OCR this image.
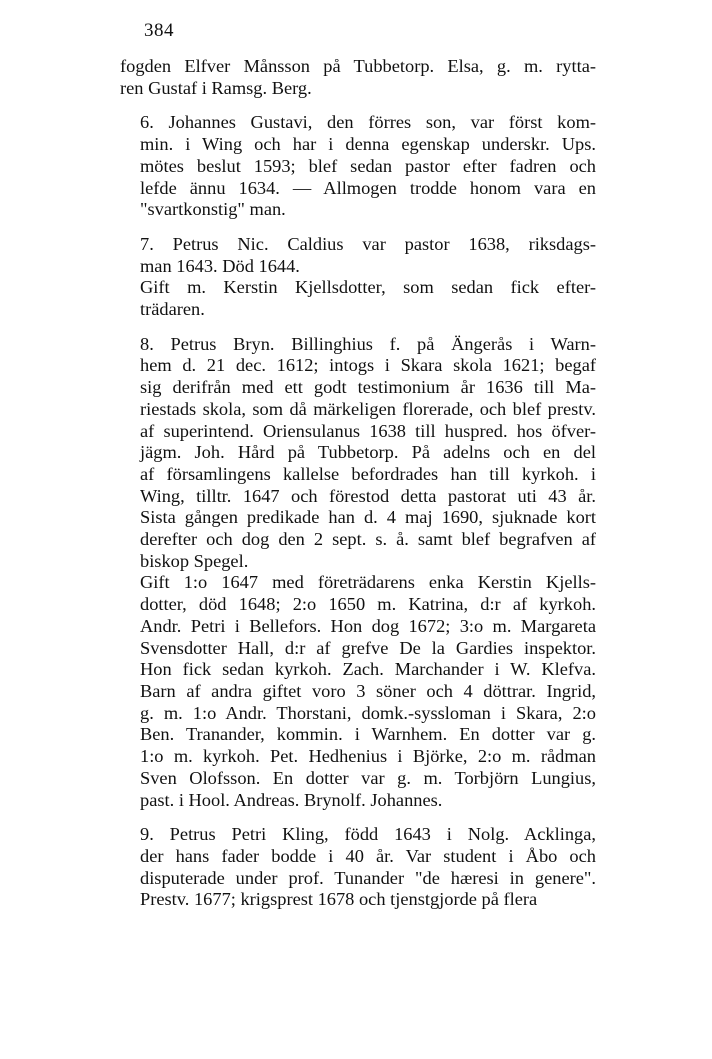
384

fogden Elfver Månsson på Tubbetorp. Elsa, g. m. rytta-
ren Gustaf i Ramsg. Berg.

6. Johannes Gustavi, den förres son, var först kom-
min. i Wing och har i denna egenskap underskr. Ups.
mötes beslut 1593; blef sedan pastor efter fadren och
lefde ännu 1634. — Allmogen trodde honom vara en
"svartkonstig" man.

7. Petrus Nic. Caldius var pastor 1638, riksdags-
man 1643. Död 1644.

Gift m. Kerstin Kjellsdotter, som sedan fick efter-
trädaren.

8. Petrus Bryn. Billinghius f. på Ängerås i Warn-
hem d. 21 dec. 1612; intogs i Skara skola 1621; begaf
sig derifrån med ett godt testimonium år 1636 till Ma-
riestads skola, som då märkeligen florerade, och blef prestv.
af superintend. Oriensulanus 1638 till huspred. hos öfver-
jägm. Joh. Hård på Tubbetorp. På adelns och en del
af församlingens kallelse befordrades han till kyrkoh. i
Wing, tilltr. 1647 och förestod detta pastorat uti 43 år.
Sista gången predikade han d. 4 maj 1690, sjuknade kort
derefter och dog den 2 sept. s. å. samt blef begrafven af
biskop Spegel.

Gift 1:o 1647 med företrädarens enka Kerstin Kjells-
dotter, död 1648; 2:o 1650 m. Katrina, d:r af kyrkoh.
Andr. Petri i Bellefors. Hon dog 1672; 3:o m. Margareta
Svensdotter Hall, d:r af grefve De la Gardies inspektor.
Hon fick sedan kyrkoh. Zach. Marchander i W. Klefva.
Barn af andra giftet voro 3 söner och 4 döttrar. Ingrid,
g. m. 1:o Andr. Thorstani, domk.-syssloman i Skara, 2:o
Ben. Tranander, kommin. i Warnhem. En dotter var g.
1:o m. kyrkoh. Pet. Hedhenius i Björke, 2:o m. rådman
Sven Olofsson. En dotter var g. m. Torbjörn Lungius,
past. i Hool. Andreas. Brynolf. Johannes.

9. Petrus Petri Kling, född 1643 i Nolg. Acklinga,
der hans fader bodde i 40 år. Var student i Åbo och
disputerade under prof. Tunander "de hæresi in genere".
Prestv. 1677; krigsprest 1678 och tjenstgjorde på flera
